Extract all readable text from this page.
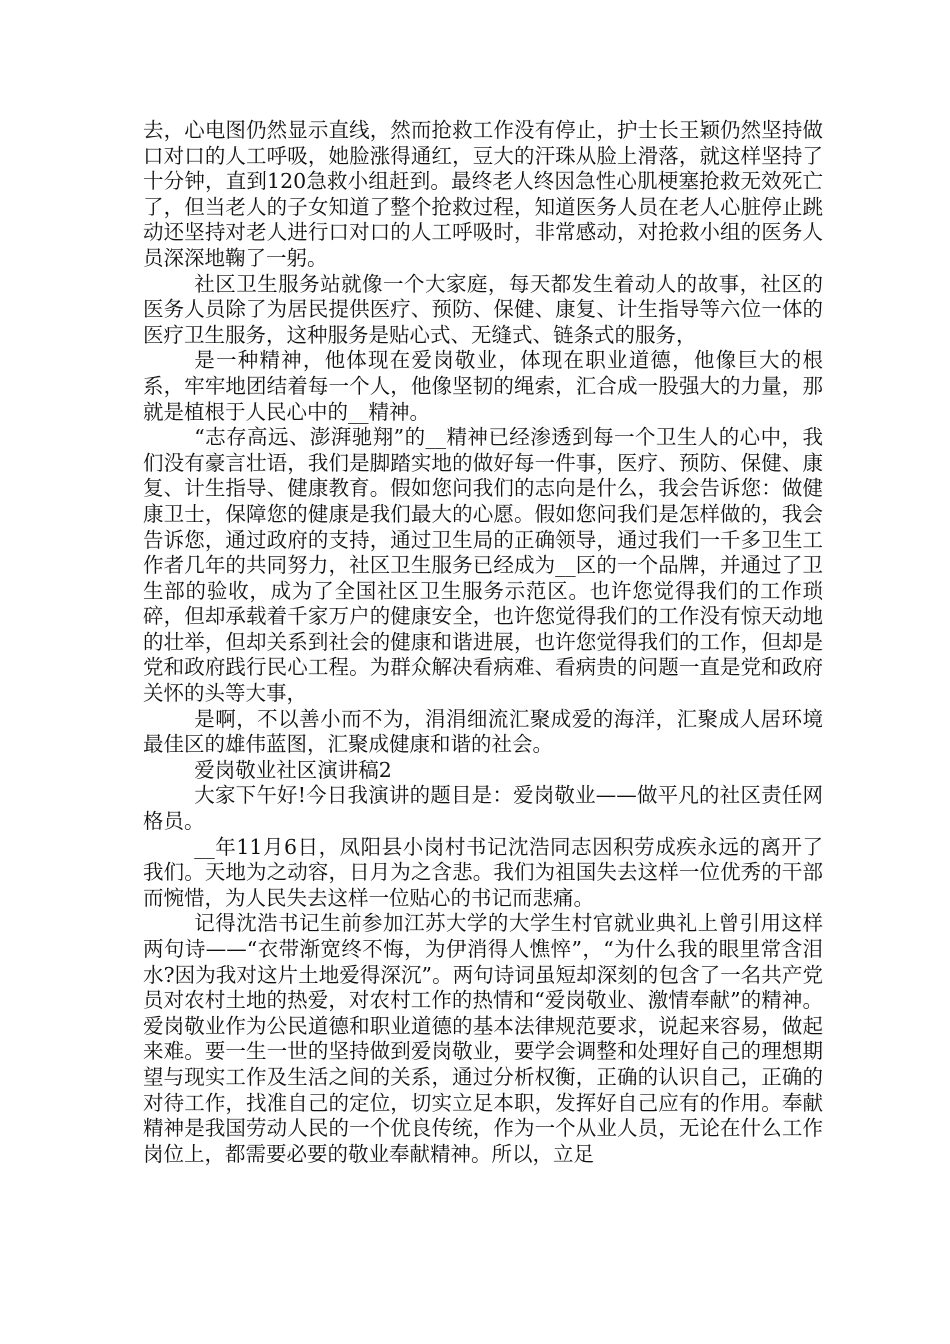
去，心电图仍然显示直线，然而抢救工作没有停止，护士长王颖仍然坚持做口对口的人工呼吸，她脸涨得通红，豆大的汗珠从脸上滑落，就这样坚持了十分钟，直到120急救小组赶到。最终老人终因急性心肌梗塞抢救无效死亡了，但当老人的子女知道了整个抢救过程，知道医务人员在老人心脏停止跳动还坚持对老人进行口对口的人工呼吸时，非常感动，对抢救小组的医务人员深深地鞠了一躬。

社区卫生服务站就像一个大家庭，每天都发生着动人的故事，社区的医务人员除了为居民提供医疗、预防、保健、康复、计生指导等六位一体的医疗卫生服务，这种服务是贴心式、无缝式、链条式的服务，

是一种精神，他体现在爱岗敬业，体现在职业道德，他像巨大的根系，牢牢地团结着每一个人，他像坚韧的绳索，汇合成一股强大的力量，那就是植根于人民心中的__精神。

“志存高远、澎湃驰翔”的__精神已经渗透到每一个卫生人的心中，我们没有豪言壮语，我们是脚踏实地的做好每一件事，医疗、预防、保健、康复、计生指导、健康教育。假如您问我们的志向是什么，我会告诉您：做健康卫士，保障您的健康是我们最大的心愿。假如您问我们是怎样做的，我会告诉您，通过政府的支持，通过卫生局的正确领导，通过我们一千多卫生工作者几年的共同努力，社区卫生服务已经成为__区的一个品牌，并通过了卫生部的验收，成为了全国社区卫生服务示范区。也许您觉得我们的工作琐碎，但却承载着千家万户的健康安全，也许您觉得我们的工作没有惊天动地的壮举，但却关系到社会的健康和谐进展，也许您觉得我们的工作，但却是党和政府践行民心工程。为群众解决看病难、看病贵的问题一直是党和政府关怀的头等大事，

是啊，不以善小而不为，涓涓细流汇聚成爱的海洋，汇聚成人居环境最佳区的雄伟蓝图，汇聚成健康和谐的社会。

爱岗敬业社区演讲稿2

大家下午好!今日我演讲的题目是：爱岗敬业——做平凡的社区责任网格员。

__年11月6日，凤阳县小岗村书记沈浩同志因积劳成疾永远的离开了我们。天地为之动容，日月为之含悲。我们为祖国失去这样一位优秀的干部而惋惜，为人民失去这样一位贴心的书记而悲痛。

记得沈浩书记生前参加江苏大学的大学生村官就业典礼上曾引用这样两句诗——“衣带渐宽终不悔，为伊消得人憔悴”，“为什么我的眼里常含泪水?因为我对这片土地爱得深沉”。两句诗词虽短却深刻的包含了一名共产党员对农村土地的热爱，对农村工作的热情和“爱岗敬业、激情奉献”的精神。爱岗敬业作为公民道德和职业道德的基本法律规范要求，说起来容易，做起来难。要一生一世的坚持做到爱岗敬业，要学会调整和处理好自己的理想期望与现实工作及生活之间的关系，通过分析权衡，正确的认识自己，正确的对待工作，找准自己的定位，切实立足本职，发挥好自己应有的作用。奉献精神是我国劳动人民的一个优良传统，作为一个从业人员，无论在什么工作岗位上，都需要必要的敬业奉献精神。所以，立足
